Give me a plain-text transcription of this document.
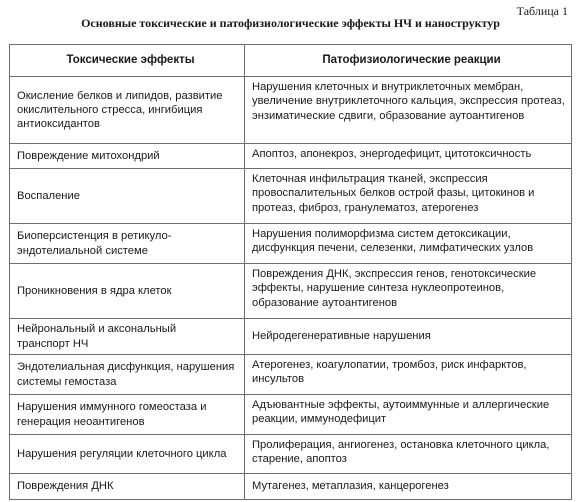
Таблица 1
Основные токсические и патофизиологические эффекты НЧ и наноструктур
Токсические эффекты	Патофизиологические реакции
Окисление белков и липидов, развитие окислительного стресса, ингибиция антиоксидантов	Нарушения клеточных и внутриклеточных мембран, увеличение внутриклеточного кальция, экспрессия протеаз, энзиматические сдвиги, образование аутоантигенов
Повреждение митохондрий	Апоптоз, апонекроз, энергодефицит, цитотоксичность
Воспаление	Клеточная инфильтрация тканей, экспрессия провоспалительных белков острой фазы, цитокинов и протеаз, фиброз, гранулематоз, атерогенез
Биоперсистенция в ретикуло-эндотелиальной системе	Нарушения полиморфизма систем детоксикации, дисфункция печени, селезенки, лимфатических узлов
Проникновения в ядра клеток	Повреждения ДНК, экспрессия генов, генотоксические эффекты, нарушение синтеза нуклеопротеинов, образование аутоантигенов
Нейрональный и аксональный транспорт НЧ	Нейродегенеративные нарушения
Эндотелиальная дисфункция, нарушения системы гемостаза	Атерогенез, коагулопатии, тромбоз, риск инфарктов, инсультов
Нарушения иммунного гомеостаза и генерация неоантигенов	Адъювантные эффекты, аутоиммунные и аллергические реакции, иммунодефицит
Нарушения регуляции клеточного цикла	Пролиферация, ангиогенез, остановка клеточного цикла, старение, апоптоз
Повреждения ДНК	Мутагенез, метаплазия, канцерогенез
